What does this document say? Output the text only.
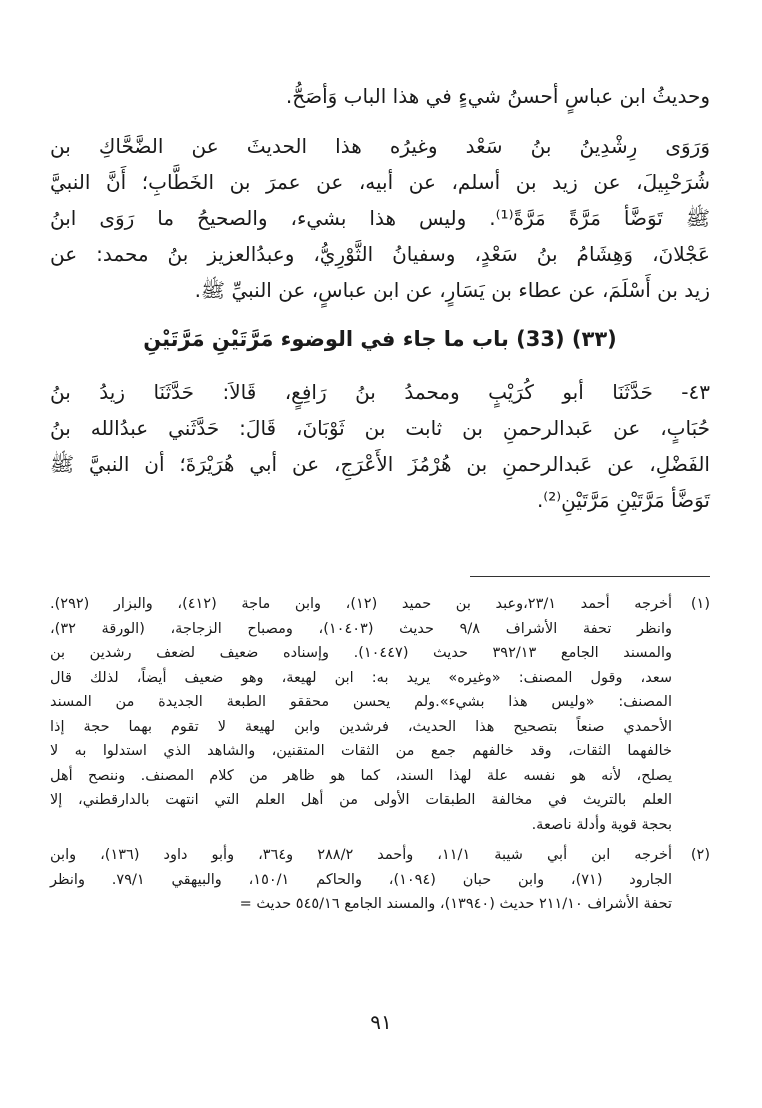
وحديثُ ابن عباسٍ أحسنُ شيءٍ في هذا الباب وَأصَحُّ.
وَرَوَى رِشْدِينُ بنُ سَعْد وغيرُه هذا الحديثَ عن الضَّحَّاكِ بن
شُرَحْبِيلَ، عن زيد بن أسلم، عن أبيه، عن عمرَ بن الخَطَّابِ؛ أَنَّ النبيَّ
ﷺ تَوَضَّأ مَرَّةً مَرَّةً⁽¹⁾. وليس هذا بشيء، والصحيحُ ما رَوَى ابنُ
عَجْلانَ، وَهِشَامُ بنُ سَعْدٍ، وسفيانُ الثَّوْرِيُّ، وعبدُالعزيز بنُ محمد: عن
زيد بن أَسْلَمَ، عن عطاء بن يَسَارٍ، عن ابن عباسٍ، عن النبيِّ ﷺ.
(٣٣) (33) باب ما جاء في الوضوء مَرَّتَيْنِ مَرَّتَيْنِ
٤٣- حَدَّثَنَا أبو كُرَيْبٍ ومحمدُ بنُ رَافِعٍ، قَالاَ: حَدَّثَنَا زيدُ بنُ
حُبَابٍ، عن عَبدالرحمنِ بن ثابت بن ثَوْبَانَ، قَالَ: حَدَّثَني عبدُالله بنُ
الفَضْلِ، عن عَبدالرحمنِ بن هُرْمُزَ الأَعْرَجِ، عن أبي هُرَيْرَةَ؛ أن النبيَّ ﷺ
تَوَضَّأ مَرَّتَيْنِ مَرَّتَيْنِ⁽²⁾.
(١)أخرجه أحمد ٢٣/١،وعبد بن حميد (١٢)، وابن ماجة (٤١٢)، والبزار (٢٩٢).
وانظر تحفة الأشراف ٩/٨ حديث (١٠٤٠٣)، ومصباح الزجاجة، (الورقة ٣٢)،
والمسند الجامع ٣٩٢/١٣ حديث (١٠٤٤٧). وإسناده ضعيف لضعف رشدين بن
سعد، وقول المصنف: «وغيره» يريد به: ابن لهيعة، وهو ضعيف أيضاً، لذلك قال
المصنف: «وليس هذا بشيء».ولم يحسن محققو الطبعة الجديدة من المسند
الأحمدي صنعاً بتصحيح هذا الحديث، فرشدين وابن لهيعة لا تقوم بهما حجة إذا
خالفهما الثقات، وقد خالفهم جمع من الثقات المتقنين، والشاهد الذي استدلوا به لا
يصلح، لأنه هو نفسه علة لهذا السند، كما هو ظاهر من كلام المصنف. وننصح أهل
العلم بالتريث في مخالفة الطبقات الأولى من أهل العلم التي انتهت بالدارقطني، إلا
بحجة قوية وأدلة ناصعة.
(٢)أخرجه ابن أبي شيبة ١١/١، وأحمد ٢٨٨/٢ و٣٦٤، وأبو داود (١٣٦)، وابن
الجارود (٧١)، وابن حبان (١٠٩٤)، والحاكم ١٥٠/١، والبيهقي ٧٩/١. وانظر
تحفة الأشراف ٢١١/١٠ حديث (١٣٩٤٠)، والمسند الجامع ٥٤٥/١٦ حديث =
٩١
